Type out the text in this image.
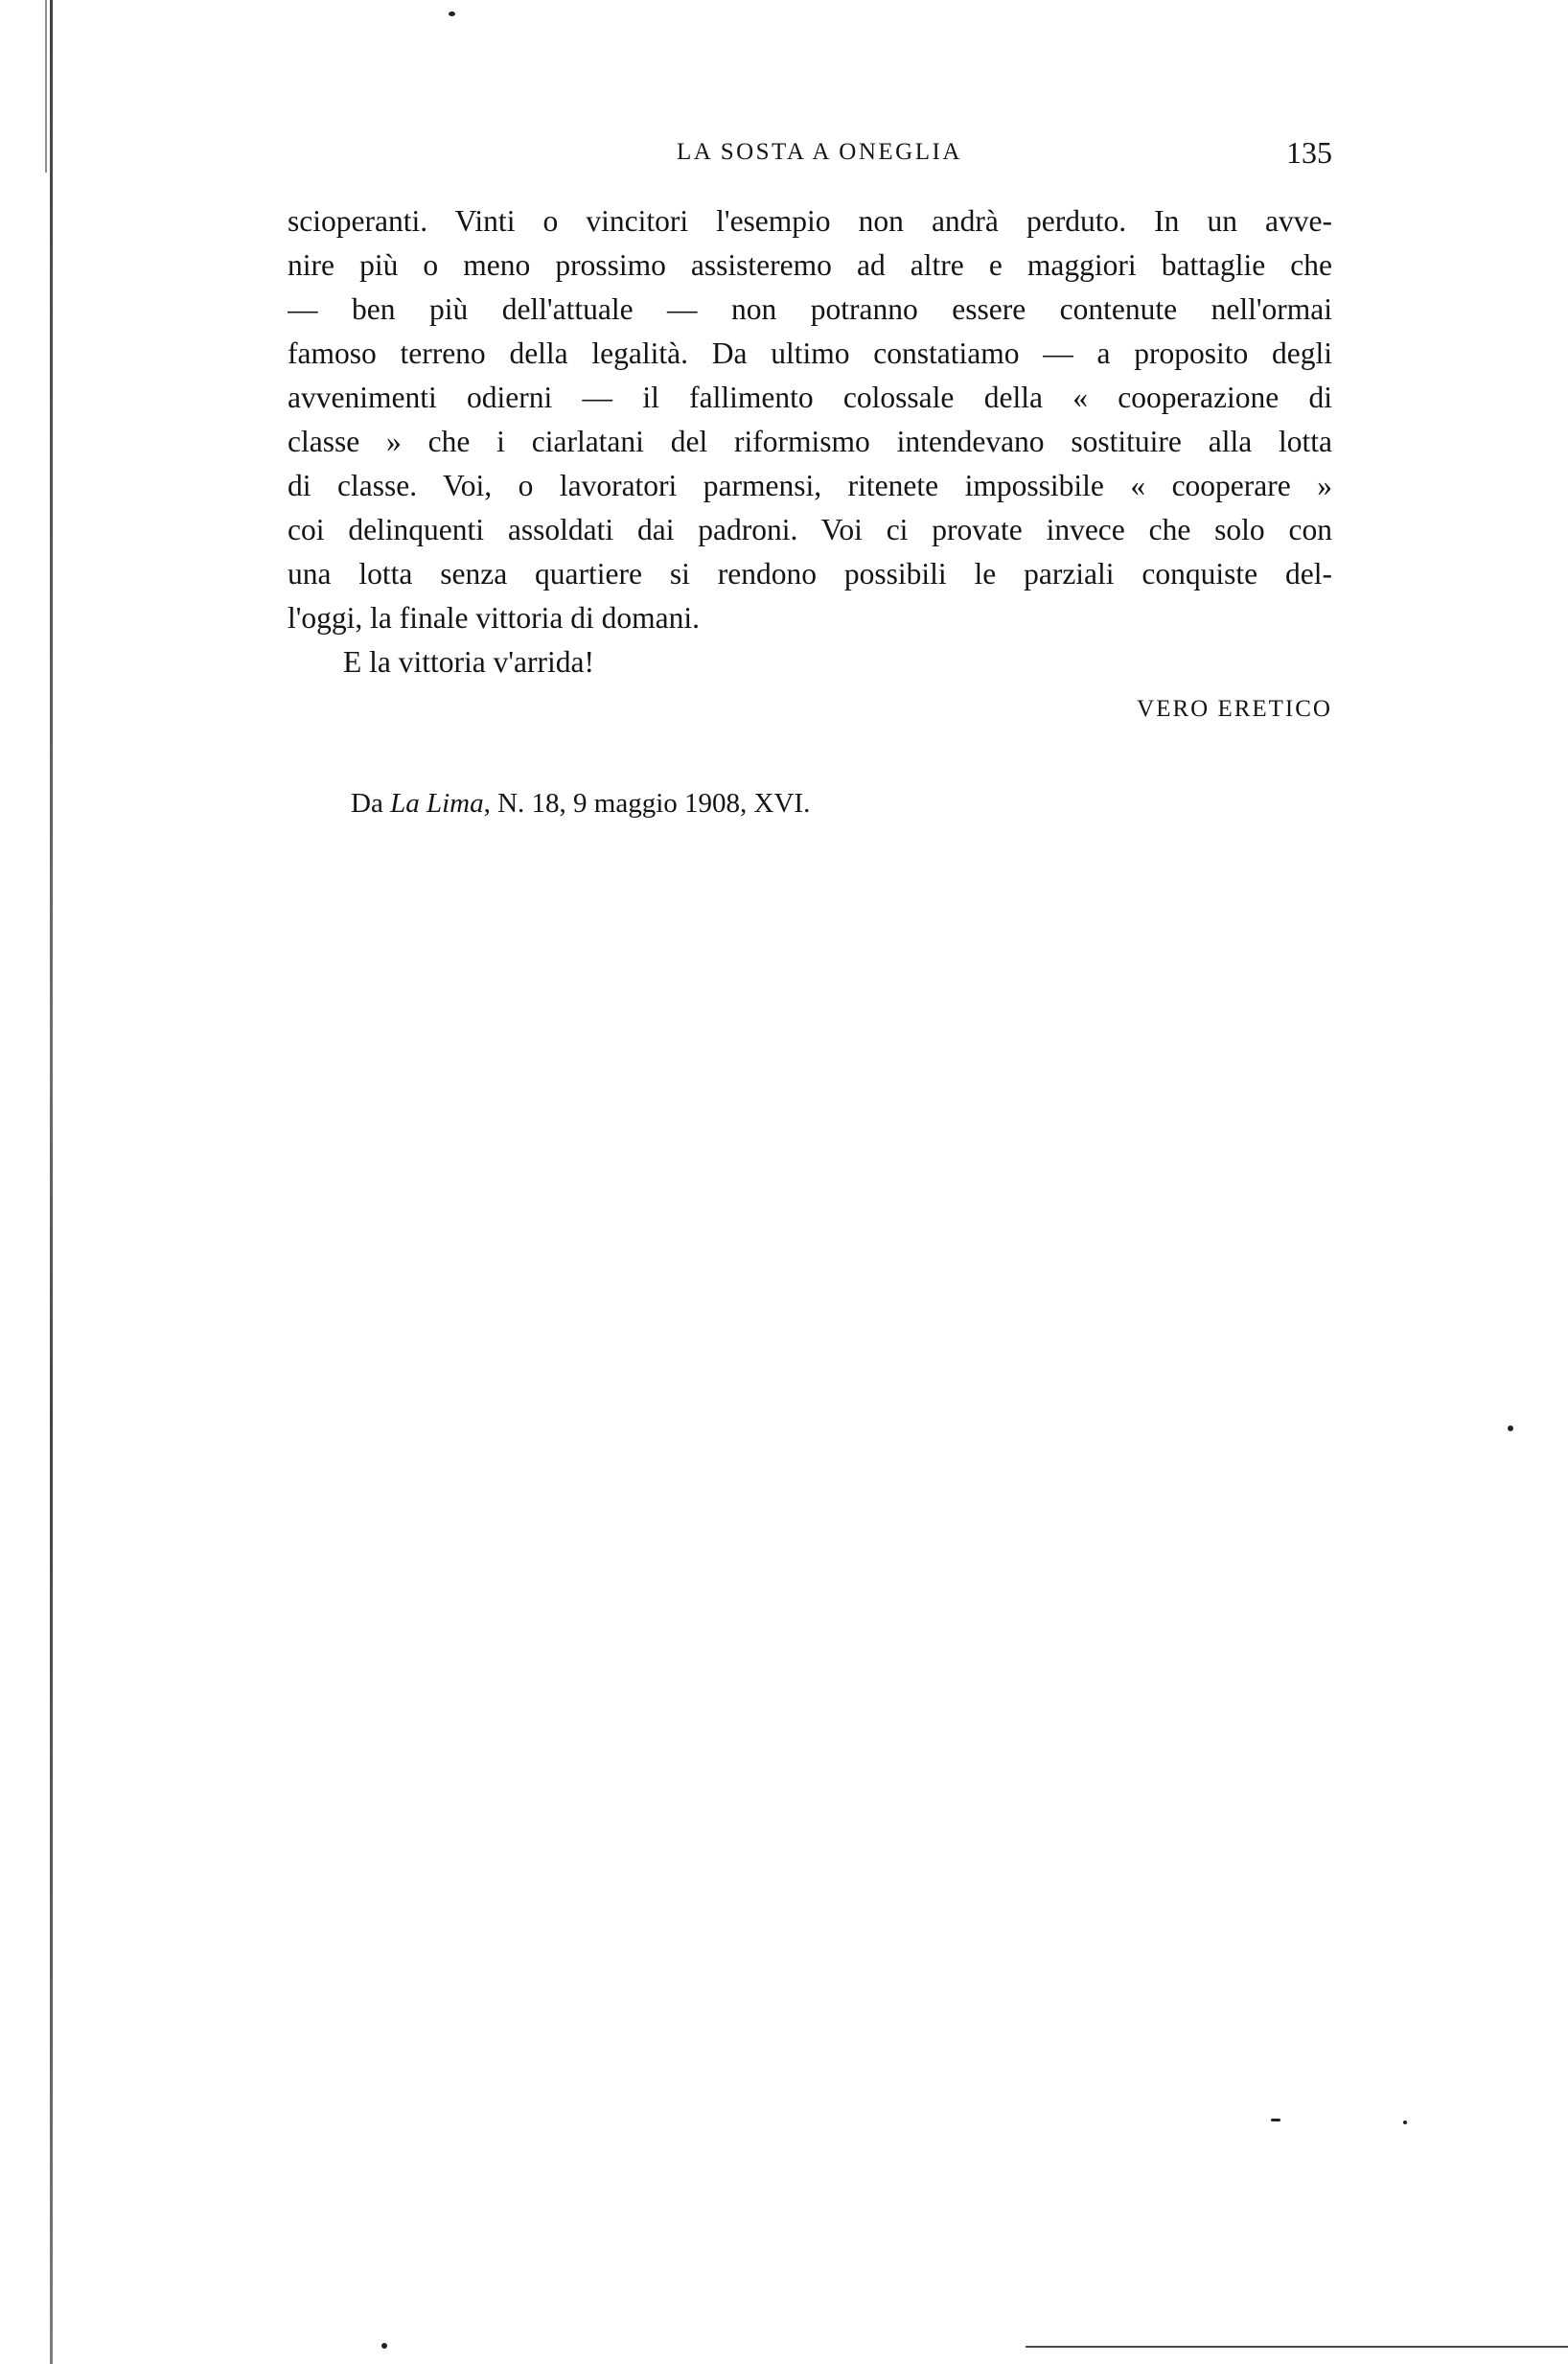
LA SOSTA A ONEGLIA	135
scioperanti. Vinti o vincitori l'esempio non andrà perduto. In un avve-
nire più o meno prossimo assisteremo ad altre e maggiori battaglie che
— ben più dell'attuale — non potranno essere contenute nell'ormai
famoso terreno della legalità. Da ultimo constatiamo — a proposito degli
avvenimenti odierni — il fallimento colossale della « cooperazione di
classe » che i ciarlatani del riformismo intendevano sostituire alla lotta
di classe. Voi, o lavoratori parmensi, ritenete impossibile « cooperare »
coi delinquenti assoldati dai padroni. Voi ci provate invece che solo con
una lotta senza quartiere si rendono possibili le parziali conquiste del-
l'oggi, la finale vittoria di domani.
E la vittoria v'arrida!
VERO ERETICO
Da La Lima, N. 18, 9 maggio 1908, XVI.
